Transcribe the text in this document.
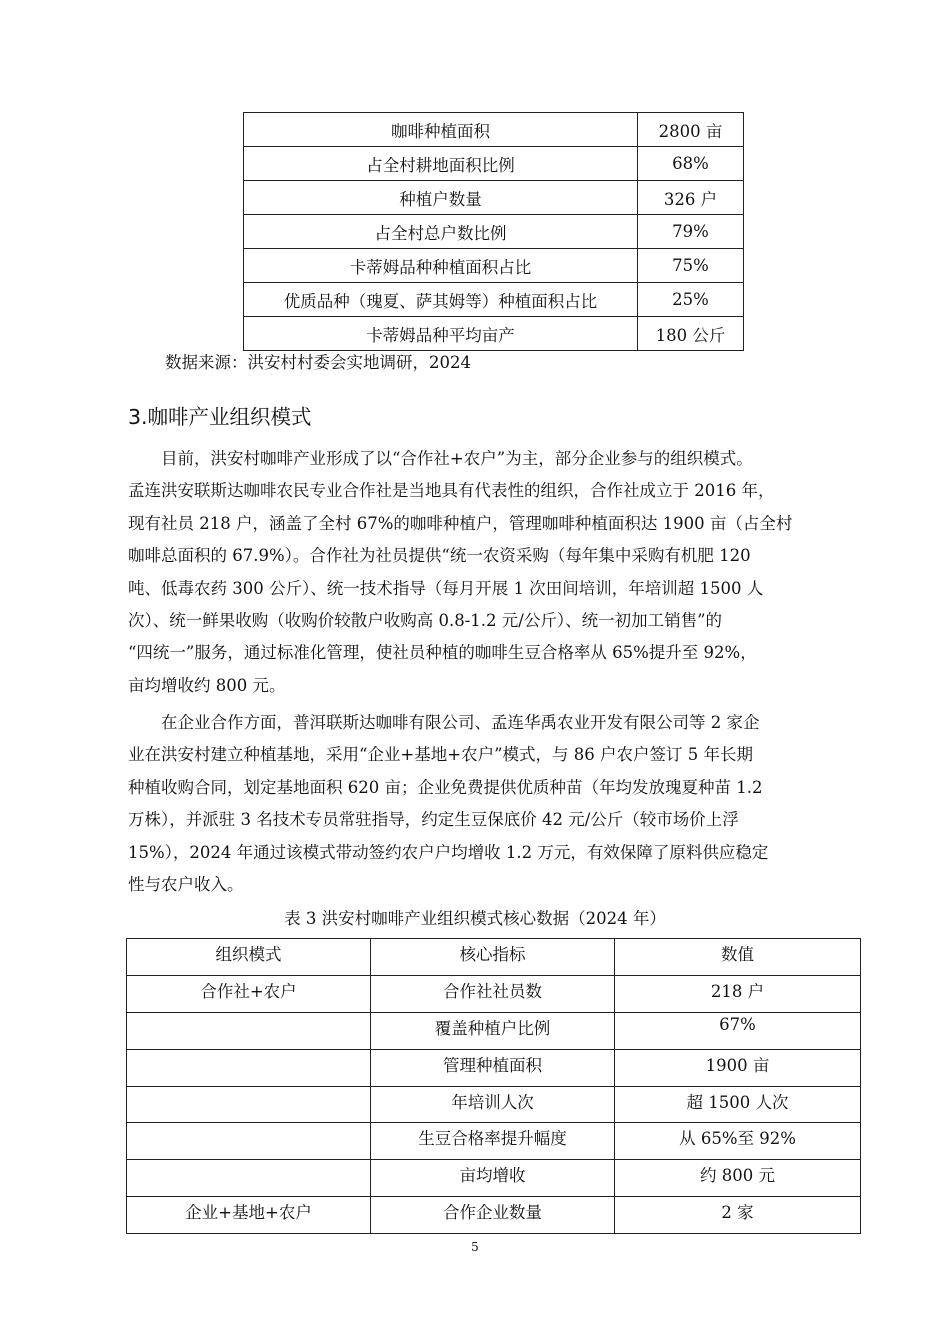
咖啡种植面积	2800 亩
占全村耕地面积比例	68%
种植户数量	326 户
占全村总户数比例	79%
卡蒂姆品种种植面积占比	75%
优质品种（瑰夏、萨其姆等）种植面积占比	25%
卡蒂姆品种平均亩产	180 公斤
数据来源：洪安村村委会实地调研，2024
3.咖啡产业组织模式

　　目前，洪安村咖啡产业形成了以“合作社+农户”为主，部分企业参与的组织模式。
孟连洪安联斯达咖啡农民专业合作社是当地具有代表性的组织，合作社成立于 2016 年，
现有社员 218 户，涵盖了全村 67%的咖啡种植户，管理咖啡种植面积达 1900 亩（占全村
咖啡总面积的 67.9%）。合作社为社员提供“统一农资采购（每年集中采购有机肥 120
吨、低毒农药 300 公斤）、统一技术指导（每月开展 1 次田间培训，年培训超 1500 人
次）、统一鲜果收购（收购价较散户收购高 0.8-1.2 元/公斤）、统一初加工销售”的
“四统一”服务，通过标准化管理，使社员种植的咖啡生豆合格率从 65%提升至 92%，
亩均增收约 800 元。

　　在企业合作方面，普洱联斯达咖啡有限公司、孟连华禹农业开发有限公司等 2 家企
业在洪安村建立种植基地，采用“企业+基地+农户”模式，与 86 户农户签订 5 年长期
种植收购合同，划定基地面积 620 亩；企业免费提供优质种苗（年均发放瑰夏种苗 1.2
万株），并派驻 3 名技术专员常驻指导，约定生豆保底价 42 元/公斤（较市场价上浮
15%），2024 年通过该模式带动签约农户户均增收 1.2 万元，有效保障了原料供应稳定
性与农户收入。

表 3 洪安村咖啡产业组织模式核心数据（2024 年）
组织模式	核心指标	数值
合作社+农户	合作社社员数	218 户
	覆盖种植户比例	67%
	管理种植面积	1900 亩
	年培训人次	超 1500 人次
	生豆合格率提升幅度	从 65%至 92%
	亩均增收	约 800 元
企业+基地+农户	合作企业数量	2 家
5
